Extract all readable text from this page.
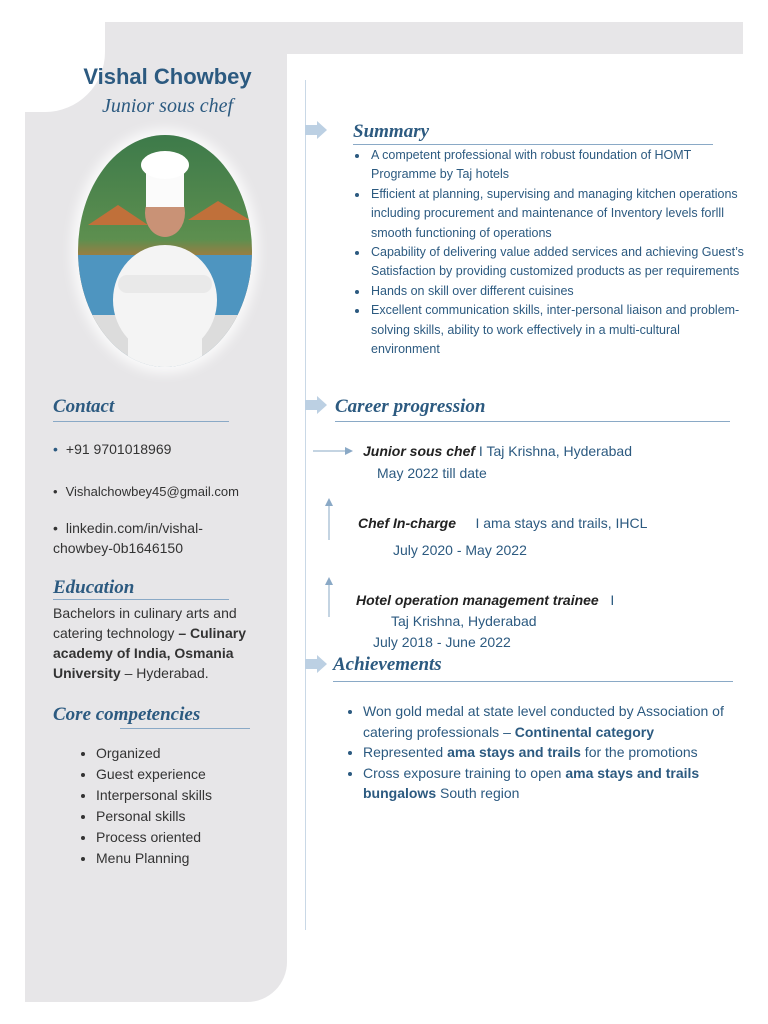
Vishal Chowbey
Junior sous chef
Contact
• +91 9701018969
• Vishalchowbey45@gmail.com
• linkedin.com/in/vishal-
chowbey-0b1646150
Education
Bachelors in culinary arts and
catering technology – Culinary
academy of India, Osmania
University – Hyderabad.
Core competencies
• Organized
• Guest experience
• Interpersonal skills
• Personal skills
• Process oriented
• Menu Planning
Summary
• A competent professional with robust foundation of HOMT Programme by Taj hotels
• Efficient at planning, supervising and managing kitchen operations including procurement and maintenance of Inventory levels forlll smooth functioning of operations
• Capability of delivering value added services and achieving Guest’s Satisfaction by providing customized products as per requirements
• Hands on skill over different cuisines
• Excellent communication skills, inter-personal liaison and problem-solving skills, ability to work effectively in a multi-cultural environment
Career progression
Junior sous chef I Taj Krishna, Hyderabad
May 2022 till date
Chef In-charge     I ama stays and trails, IHCL
July 2020 - May 2022
Hotel operation management trainee   I
Taj Krishna, Hyderabad
July 2018 - June 2022
Achievements
• Won gold medal at state level conducted by Association of catering professionals – Continental category
• Represented ama stays and trails for the promotions
• Cross exposure training to open ama stays and trails bungalows South region
